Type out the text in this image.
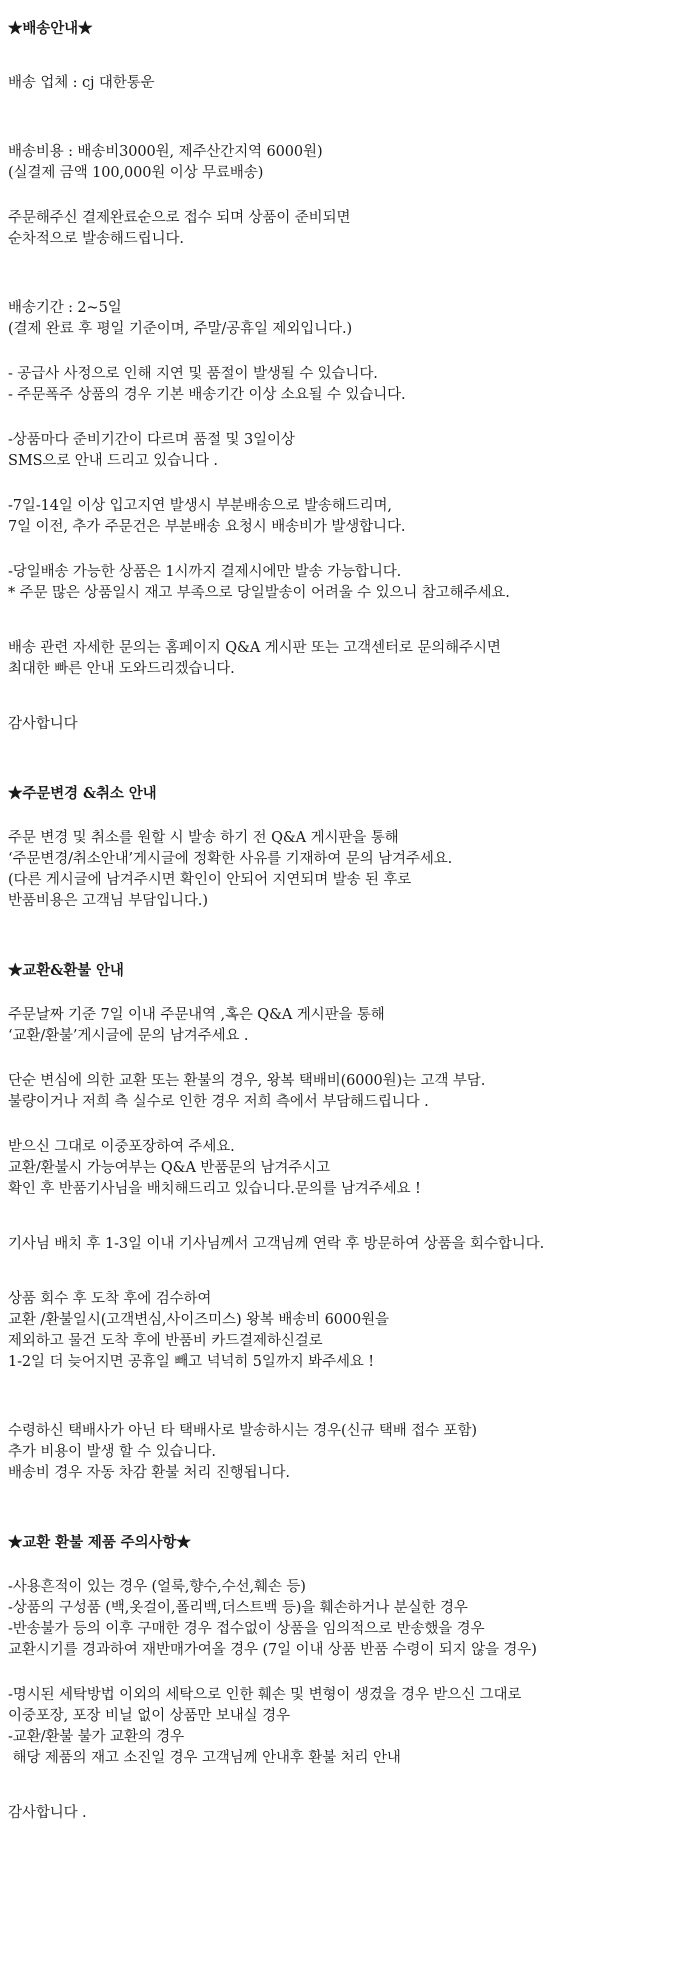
★배송안내★
배송 업체 : cj 대한통운
배송비용 : 배송비3000원, 제주산간지역 6000원)
(실결제 금액 100,000원 이상 무료배송)
주문해주신 결제완료순으로 접수 되며 상품이 준비되면
순차적으로 발송해드립니다.
배송기간 : 2~5일
(결제 완료 후 평일 기준이며, 주말/공휴일 제외입니다.)
- 공급사 사정으로 인해 지연 및 품절이 발생될 수 있습니다.
- 주문폭주 상품의 경우 기본 배송기간 이상 소요될 수 있습니다.
-상품마다 준비기간이 다르며 품절 및 3일이상
SMS으로 안내 드리고 있습니다 .
-7일-14일 이상 입고지연 발생시 부분배송으로 발송해드리며,
7일 이전, 추가 주문건은 부분배송 요청시 배송비가 발생합니다.
-당일배송 가능한 상품은 1시까지 결제시에만 발송 가능합니다.
* 주문 많은 상품일시 재고 부족으로 당일발송이 어려울 수 있으니 참고해주세요.
배송 관련 자세한 문의는 홈페이지 Q&A 게시판 또는 고객센터로 문의해주시면
최대한 빠른 안내 도와드리겠습니다.
감사합니다
★주문변경 &취소 안내
주문 변경 및 취소를 원할 시 발송 하기 전 Q&A 게시판을 통해
‘주문변경/취소안내’게시글에 정확한 사유를 기재하여 문의 남겨주세요.
(다른 게시글에 남겨주시면 확인이 안되어 지연되며 발송 된 후로
반품비용은 고객님 부담입니다.)
★교환&환불 안내
주문날짜 기준 7일 이내 주문내역 ,혹은 Q&A 게시판을 통해
‘교환/환불’게시글에 문의 남겨주세요 .
단순 변심에 의한 교환 또는 환불의 경우, 왕복 택배비(6000원)는 고객 부담.
불량이거나 저희 측 실수로 인한 경우 저희 측에서 부담해드립니다 .
받으신 그대로 이중포장하여 주세요.
교환/환불시 가능여부는 Q&A 반품문의 남겨주시고
확인 후 반품기사님을 배치해드리고 있습니다.문의를 남겨주세요 !
기사님 배치 후 1-3일 이내 기사님께서 고객님께 연락 후 방문하여 상품을 회수합니다.
상품 회수 후 도착 후에 검수하여
교환 /환불일시(고객변심,사이즈미스) 왕복 배송비 6000원을
제외하고 물건 도착 후에 반품비 카드결제하신걸로
1-2일 더 늦어지면 공휴일 빼고 넉넉히 5일까지 봐주세요 !
수령하신 택배사가 아닌 타 택배사로 발송하시는 경우(신규 택배 접수 포함)
추가 비용이 발생 할 수 있습니다.
배송비 경우 자동 차감 환불 처리 진행됩니다.
★교환 환불 제품 주의사항★
-사용흔적이 있는 경우 (얼룩,향수,수선,훼손 등)
-상품의 구성품 (백,옷걸이,폴리백,더스트백 등)을 훼손하거나 분실한 경우
-반송불가 등의 이후 구매한 경우 접수없이 상품을 임의적으로 반송했을 경우
교환시기를 경과하여 재반매가여올 경우 (7일 이내 상품 반품 수령이 되지 않을 경우)
-명시된 세탁방법 이외의 세탁으로 인한 훼손 및 변형이 생겼을 경우 받으신 그대로
이중포장, 포장 비닐 없이 상품만 보내실 경우
-교환/환불 불가 교환의 경우
해당 제품의 재고 소진일 경우 고객님께 안내후 환불 처리 안내
감사합니다 .
